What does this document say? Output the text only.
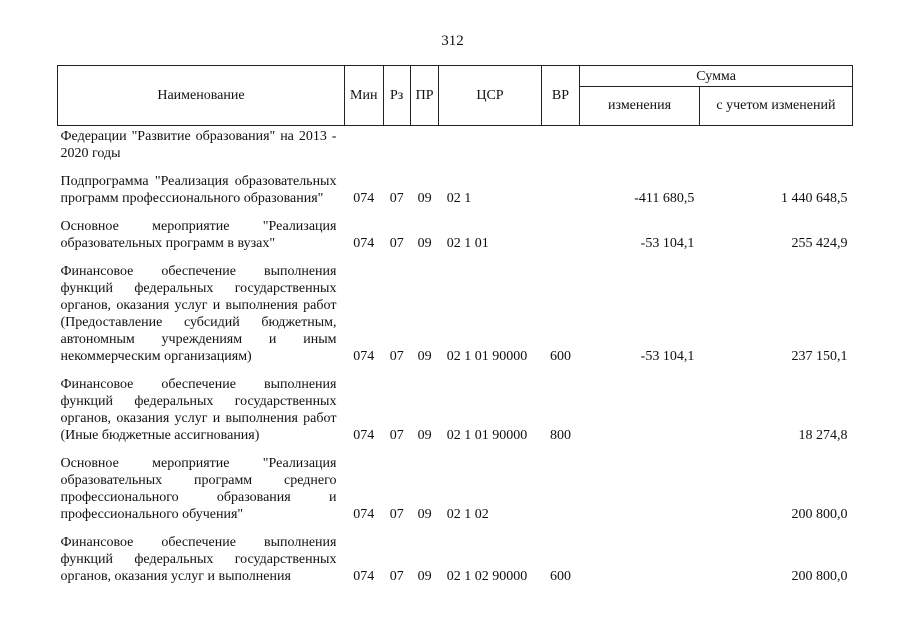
312
Наименование	Мин	Рз	ПР	ЦСР	ВР	Сумма	
						изменения	с учетом изменений
Федерации "Развитие образования" на 2013 - 2020 годы							
Подпрограмма "Реализация образовательных программ профессионального образования"	074	07	09	02 1		-411 680,5	1 440 648,5
Основное мероприятие "Реализация образовательных программ в вузах"	074	07	09	02 1 01		-53 104,1	255 424,9
Финансовое обеспечение выполнения функций федеральных государственных органов, оказания услуг и выполнения работ (Предоставление субсидий бюджетным, автономным учреждениям и иным некоммерческим организациям)	074	07	09	02 1 01 90000	600	-53 104,1	237 150,1
Финансовое обеспечение выполнения функций федеральных государственных органов, оказания услуг и выполнения работ (Иные бюджетные ассигнования)	074	07	09	02 1 01 90000	800		18 274,8
Основное мероприятие "Реализация образовательных программ среднего профессионального образования и профессионального обучения"	074	07	09	02 1 02			200 800,0
Финансовое обеспечение выполнения функций федеральных государственных органов, оказания услуг и выполнения	074	07	09	02 1 02 90000	600		200 800,0
